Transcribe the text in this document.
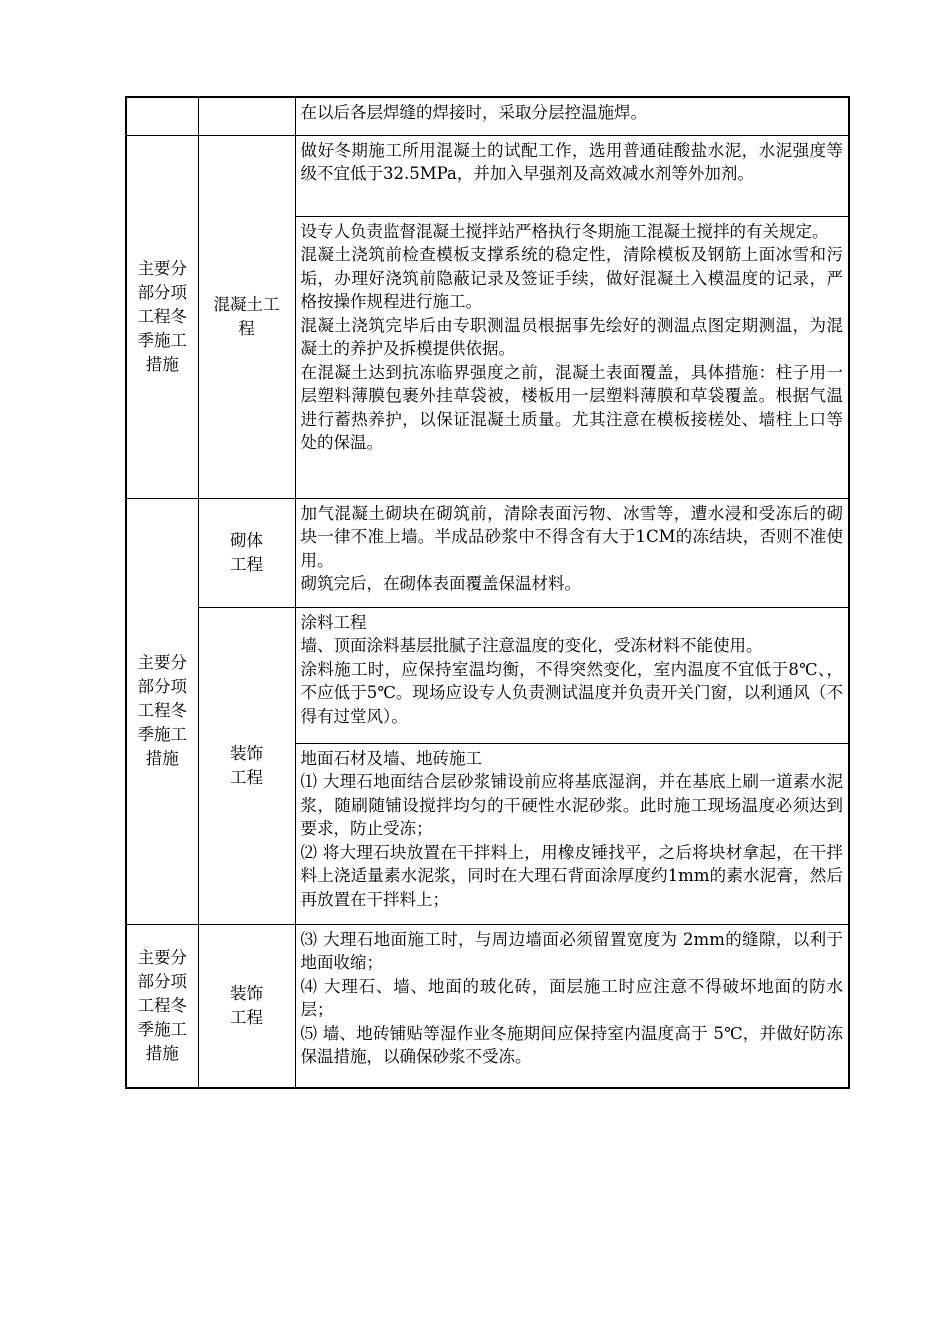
		在以后各层焊缝的焊接时，采取分层控温施焊。

主要分
部分项
工程冬
季施工
措施	混凝土工
程	做好冬期施工所用混凝土的试配工作，选用普通硅酸盐水泥，水泥强度等级不宜低于32.5MPa，并加入早强剂及高效减水剂等外加剂。

		设专人负责监督混凝土搅拌站严格执行冬期施工混凝土搅拌的有关规定。
混凝土浇筑前检查模板支撑系统的稳定性，清除模板及钢筋上面冰雪和污垢，办理好浇筑前隐蔽记录及签证手续，做好混凝土入模温度的记录，严格按操作规程进行施工。
混凝土浇筑完毕后由专职测温员根据事先绘好的测温点图定期测温，为混凝土的养护及拆模提供依据。
在混凝土达到抗冻临界强度之前，混凝土表面覆盖，具体措施：柱子用一层塑料薄膜包裹外挂草袋被，楼板用一层塑料薄膜和草袋覆盖。根据气温进行蓄热养护，以保证混凝土质量。尤其注意在模板接槎处、墙柱上口等处的保温。

主要分
部分项
工程冬
季施工
措施	砌体
工程	加气混凝土砌块在砌筑前，清除表面污物、冰雪等，遭水浸和受冻后的砌块一律不准上墙。半成品砂浆中不得含有大于1CM的冻结块，否则不准使用。
砌筑完后，在砌体表面覆盖保温材料。

	装饰
工程	涂料工程
墙、顶面涂料基层批腻子注意温度的变化，受冻材料不能使用。
涂料施工时，应保持室温均衡，不得突然变化，室内温度不宜低于8℃、，不应低于5℃。现场应设专人负责测试温度并负责开关门窗，以利通风（不得有过堂风）。

		地面石材及墙、地砖施工
⑴ 大理石地面结合层砂浆铺设前应将基底湿润，并在基底上刷一道素水泥浆，随刷随铺设搅拌均匀的干硬性水泥砂浆。此时施工现场温度必须达到要求，防止受冻；
⑵ 将大理石块放置在干拌料上，用橡皮锤找平，之后将块材拿起，在干拌料上浇适量素水泥浆，同时在大理石背面涂厚度约1mm的素水泥膏，然后再放置在干拌料上；

主要分
部分项
工程冬
季施工
措施	装饰
工程	⑶ 大理石地面施工时，与周边墙面必须留置宽度为 2mm的缝隙，以利于地面收缩；
⑷ 大理石、墙、地面的玻化砖，面层施工时应注意不得破坏地面的防水层；
⑸ 墙、地砖铺贴等湿作业冬施期间应保持室内温度高于 5℃，并做好防冻保温措施，以确保砂浆不受冻。
